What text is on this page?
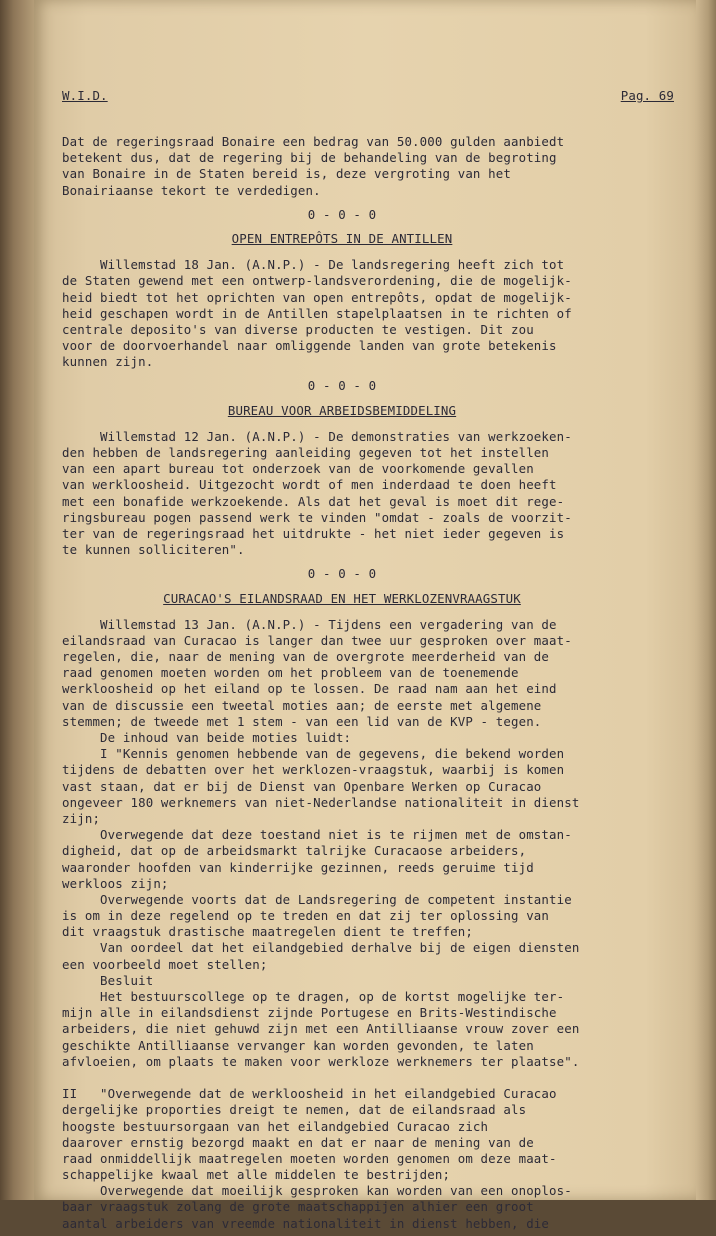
W.I.D.	Pag. 69
Dat de regeringsraad Bonaire een bedrag van 50.000 gulden aanbiedt
betekent dus, dat de regering bij de behandeling van de begroting
van Bonaire in de Staten bereid is, deze vergroting van het
Bonairiaanse tekort te verdedigen.
0 - 0 - 0
OPEN ENTREPÔTS IN DE ANTILLEN
Willemstad 18 Jan. (A.N.P.) - De landsregering heeft zich tot
de Staten gewend met een ontwerp-landsverordening, die de mogelijk-
heid biedt tot het oprichten van open entrepôts, opdat de mogelijk-
heid geschapen wordt in de Antillen stapelplaatsen in te richten of
centrale deposito's van diverse producten te vestigen. Dit zou
voor de doorvoerhandel naar omliggende landen van grote betekenis
kunnen zijn.
0 - 0 - 0
BUREAU VOOR ARBEIDSBEMIDDELING
Willemstad 12 Jan. (A.N.P.) - De demonstraties van werkzoeken-
den hebben de landsregering aanleiding gegeven tot het instellen
van een apart bureau tot onderzoek van de voorkomende gevallen
van werkloosheid. Uitgezocht wordt of men inderdaad te doen heeft
met een bonafide werkzoekende. Als dat het geval is moet dit rege-
ringsbureau pogen passend werk te vinden "omdat - zoals de voorzit-
ter van de regeringsraad het uitdrukte - het niet ieder gegeven is
te kunnen solliciteren".
0 - 0 - 0
CURACAO'S EILANDSRAAD EN HET WERKLOZENVRAAGSTUK
Willemstad 13 Jan. (A.N.P.) - Tijdens een vergadering van de
eilandsraad van Curacao is langer dan twee uur gesproken over maat-
regelen, die, naar de mening van de overgrote meerderheid van de
raad genomen moeten worden om het probleem van de toenemende
werkloosheid op het eiland op te lossen. De raad nam aan het eind
van de discussie een tweetal moties aan; de eerste met algemene
stemmen; de tweede met 1 stem - van een lid van de KVP - tegen.
De inhoud van beide moties luidt:
I "Kennis genomen hebbende van de gegevens, die bekend worden
tijdens de debatten over het werklozen-vraagstuk, waarbij is komen
vast staan, dat er bij de Dienst van Openbare Werken op Curacao
ongeveer 180 werknemers van niet-Nederlandse nationaliteit in dienst
zijn;
Overwegende dat deze toestand niet is te rijmen met de omstan-
digheid, dat op de arbeidsmarkt talrijke Curacaose arbeiders,
waaronder hoofden van kinderrijke gezinnen, reeds geruime tijd
werkloos zijn;
Overwegende voorts dat de Landsregering de competent instantie
is om in deze regelend op te treden en dat zij ter oplossing van
dit vraagstuk drastische maatregelen dient te treffen;
Van oordeel dat het eilandgebied derhalve bij de eigen diensten
een voorbeeld moet stellen;
Besluit
Het bestuurscollege op te dragen, op de kortst mogelijke ter-
mijn alle in eilandsdienst zijnde Portugese en Brits-Westindische
arbeiders, die niet gehuwd zijn met een Antilliaanse vrouw zover een
geschikte Antilliaanse vervanger kan worden gevonden, te laten
afvloeien, om plaats te maken voor werkloze werknemers ter plaatse".
II   "Overwegende dat de werkloosheid in het eilandgebied Curacao
dergelijke proporties dreigt te nemen, dat de eilandsraad als
hoogste bestuursorgaan van het eilandgebied Curacao zich
daarover ernstig bezorgd maakt en dat er naar de mening van de
raad onmiddellijk maatregelen moeten worden genomen om deze maat-
schappelijke kwaal met alle middelen te bestrijden;
Overwegende dat moeilijk gesproken kan worden van een onoplos-
baar vraagstuk zolang de grote maatschappijen alhier een groot
aantal arbeiders van vreemde nationaliteit in dienst hebben, die
